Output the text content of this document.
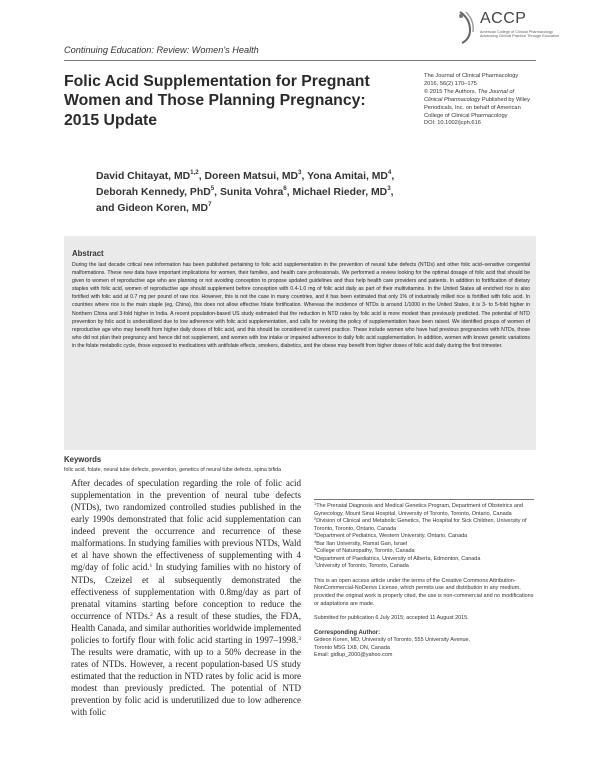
Continuing Education: Review: Women's Health
ACCP
American College of Clinical Pharmacology
Advancing Clinical Practice Through Education
Folic Acid Supplementation for Pregnant
Women and Those Planning Pregnancy:
2015 Update
The Journal of Clinical Pharmacology
2016, 56(2) 170–175
© 2015 The Authors. The Journal of
Clinical Pharmacology Published by Wiley
Periodicals, Inc. on behalf of American
College of Clinical Pharmacology
DOI: 10.1002/jcph.616
David Chitayat, MD$^{1,2}$, Doreen Matsui, $MD^3$, Yona Amitai, $MD^4$,
Deborah Kennedy, PhD$^5$, Sunita Vohra$^6$, Michael Rieder, $MD^3$,
and Gideon Koren, $MD^7$
Abstract
During the last decade critical new information has been published pertaining to folic acid supplementation in the prevention of neural tube defects (NTDs) and other folic acid–sensitive congenital malformations. These new data have important implications for women, their families, and health care professionals. We performed a review looking for the optimal dosage of folic acid that should be given to women of reproductive age who are planning or not avoiding conception to propose updated guidelines and thus help health care providers and patients. In addition to fortification of dietary staples with folic acid, women of reproductive age should supplement before conception with 0.4-1.0 mg of folic acid daily as part of their multivitamins. In the United States all enriched rice is also fortified with folic acid at 0.7 mg per pound of raw rice. However, this is not the case in many countries, and it has been estimated that only 1% of industrially milled rice is fortified with folic acid. In countries where rice is the main staple (eg, China), this does not allow effective folate fortification. Whereas the incidence of NTDs is around 1/1000 in the United States, it is 3- to 5-fold higher in Northern China and 3-fold higher in India. A recent population-based US study estimated that the reduction in NTD rates by folic acid is more modest than previously predicted. The potential of NTD prevention by folic acid is underutilized due to low adherence with folic acid supplementation, and calls for revising the policy of supplementation have been raised. We identified groups of women of reproductive age who may benefit from higher daily doses of folic acid, and this should be considered in current practice. These include women who have had previous pregnancies with NTDs, those who did not plan their pregnancy and hence did not supplement, and women with low intake or impaired adherence to daily folic acid supplementation. In addition, women with known genetic variations in the folate metabolic cycle, those exposed to medications with antifolate effects, smokers, diabetics, and the obese may benefit from higher doses of folic acid daily during the first trimester.
Keywords
folic acid, folate, neural tube defects, prevention, genetics of neural tube defects, spina bifida
After decades of speculation regarding the role of folic acid supplementation in the prevention of neural tube defects (NTDs), two randomized controlled studies published in the early 1990s demonstrated that folic acid supplementation can indeed prevent the occurrence and recurrence of these malformations. In studying families with previous NTDs, Wald et al have shown the effectiveness of supplementing with 4 mg/day of folic acid.$^1$ In studying families with no history of NTDs, Czeizel et al subsequently demonstrated the effectiveness of supplementation with 0.8mg/day as part of prenatal vitamins starting before conception to reduce the occurrence of NTDs.$^2$ As a result of these studies, the FDA, Health Canada, and similar authorities worldwide implemented policies to fortify flour with folic acid starting in 1997–1998.$^3$ The results were dramatic, with up to a 50% decrease in the rates of NTDs. However, a recent population-based US study estimated that the reduction in NTD rates by folic acid is more modest than previously predicted. The potential of NTD prevention by folic acid is underutilized due to low adherence with folic
$^1$The Prenatal Diagnosis and Medical Genetics Program, Department of Obstetrics and Gynecology, Mount Sinai Hospital, University of Toronto, Toronto, Ontario, Canada
$^2$Division of Clinical and Metabolic Genetics, The Hospital for Sick Children, University of Toronto, Toronto, Ontario, Canada
$^3$Department of Pediatrics, Western University, Ontario, Canada
$^4$Bar Ilan University, Ramat Gan, Israel
$^5$College of Naturopathy, Toronto, Canada
$^6$Department of Paediatrics, University of Alberta, Edmonton, Canada
$^7$University of Toronto, Toronto, Canada
This is an open access article under the terms of the Creative Commons Attribution-NonCommercial-NoDerivs License, which permits use and distribution in any medium, provided the original work is properly cited, the use is non-commercial and no modifications or adaptations are made.
Submitted for publication 6 July 2015; accepted 11 August 2015.
Corresponding Author:
Gideon Koren, MD, University of Toronto, 555 University Avenue,
Toronto M5G 1X8, ON, Canada
Email: gidiup_2000@yahoo.com
